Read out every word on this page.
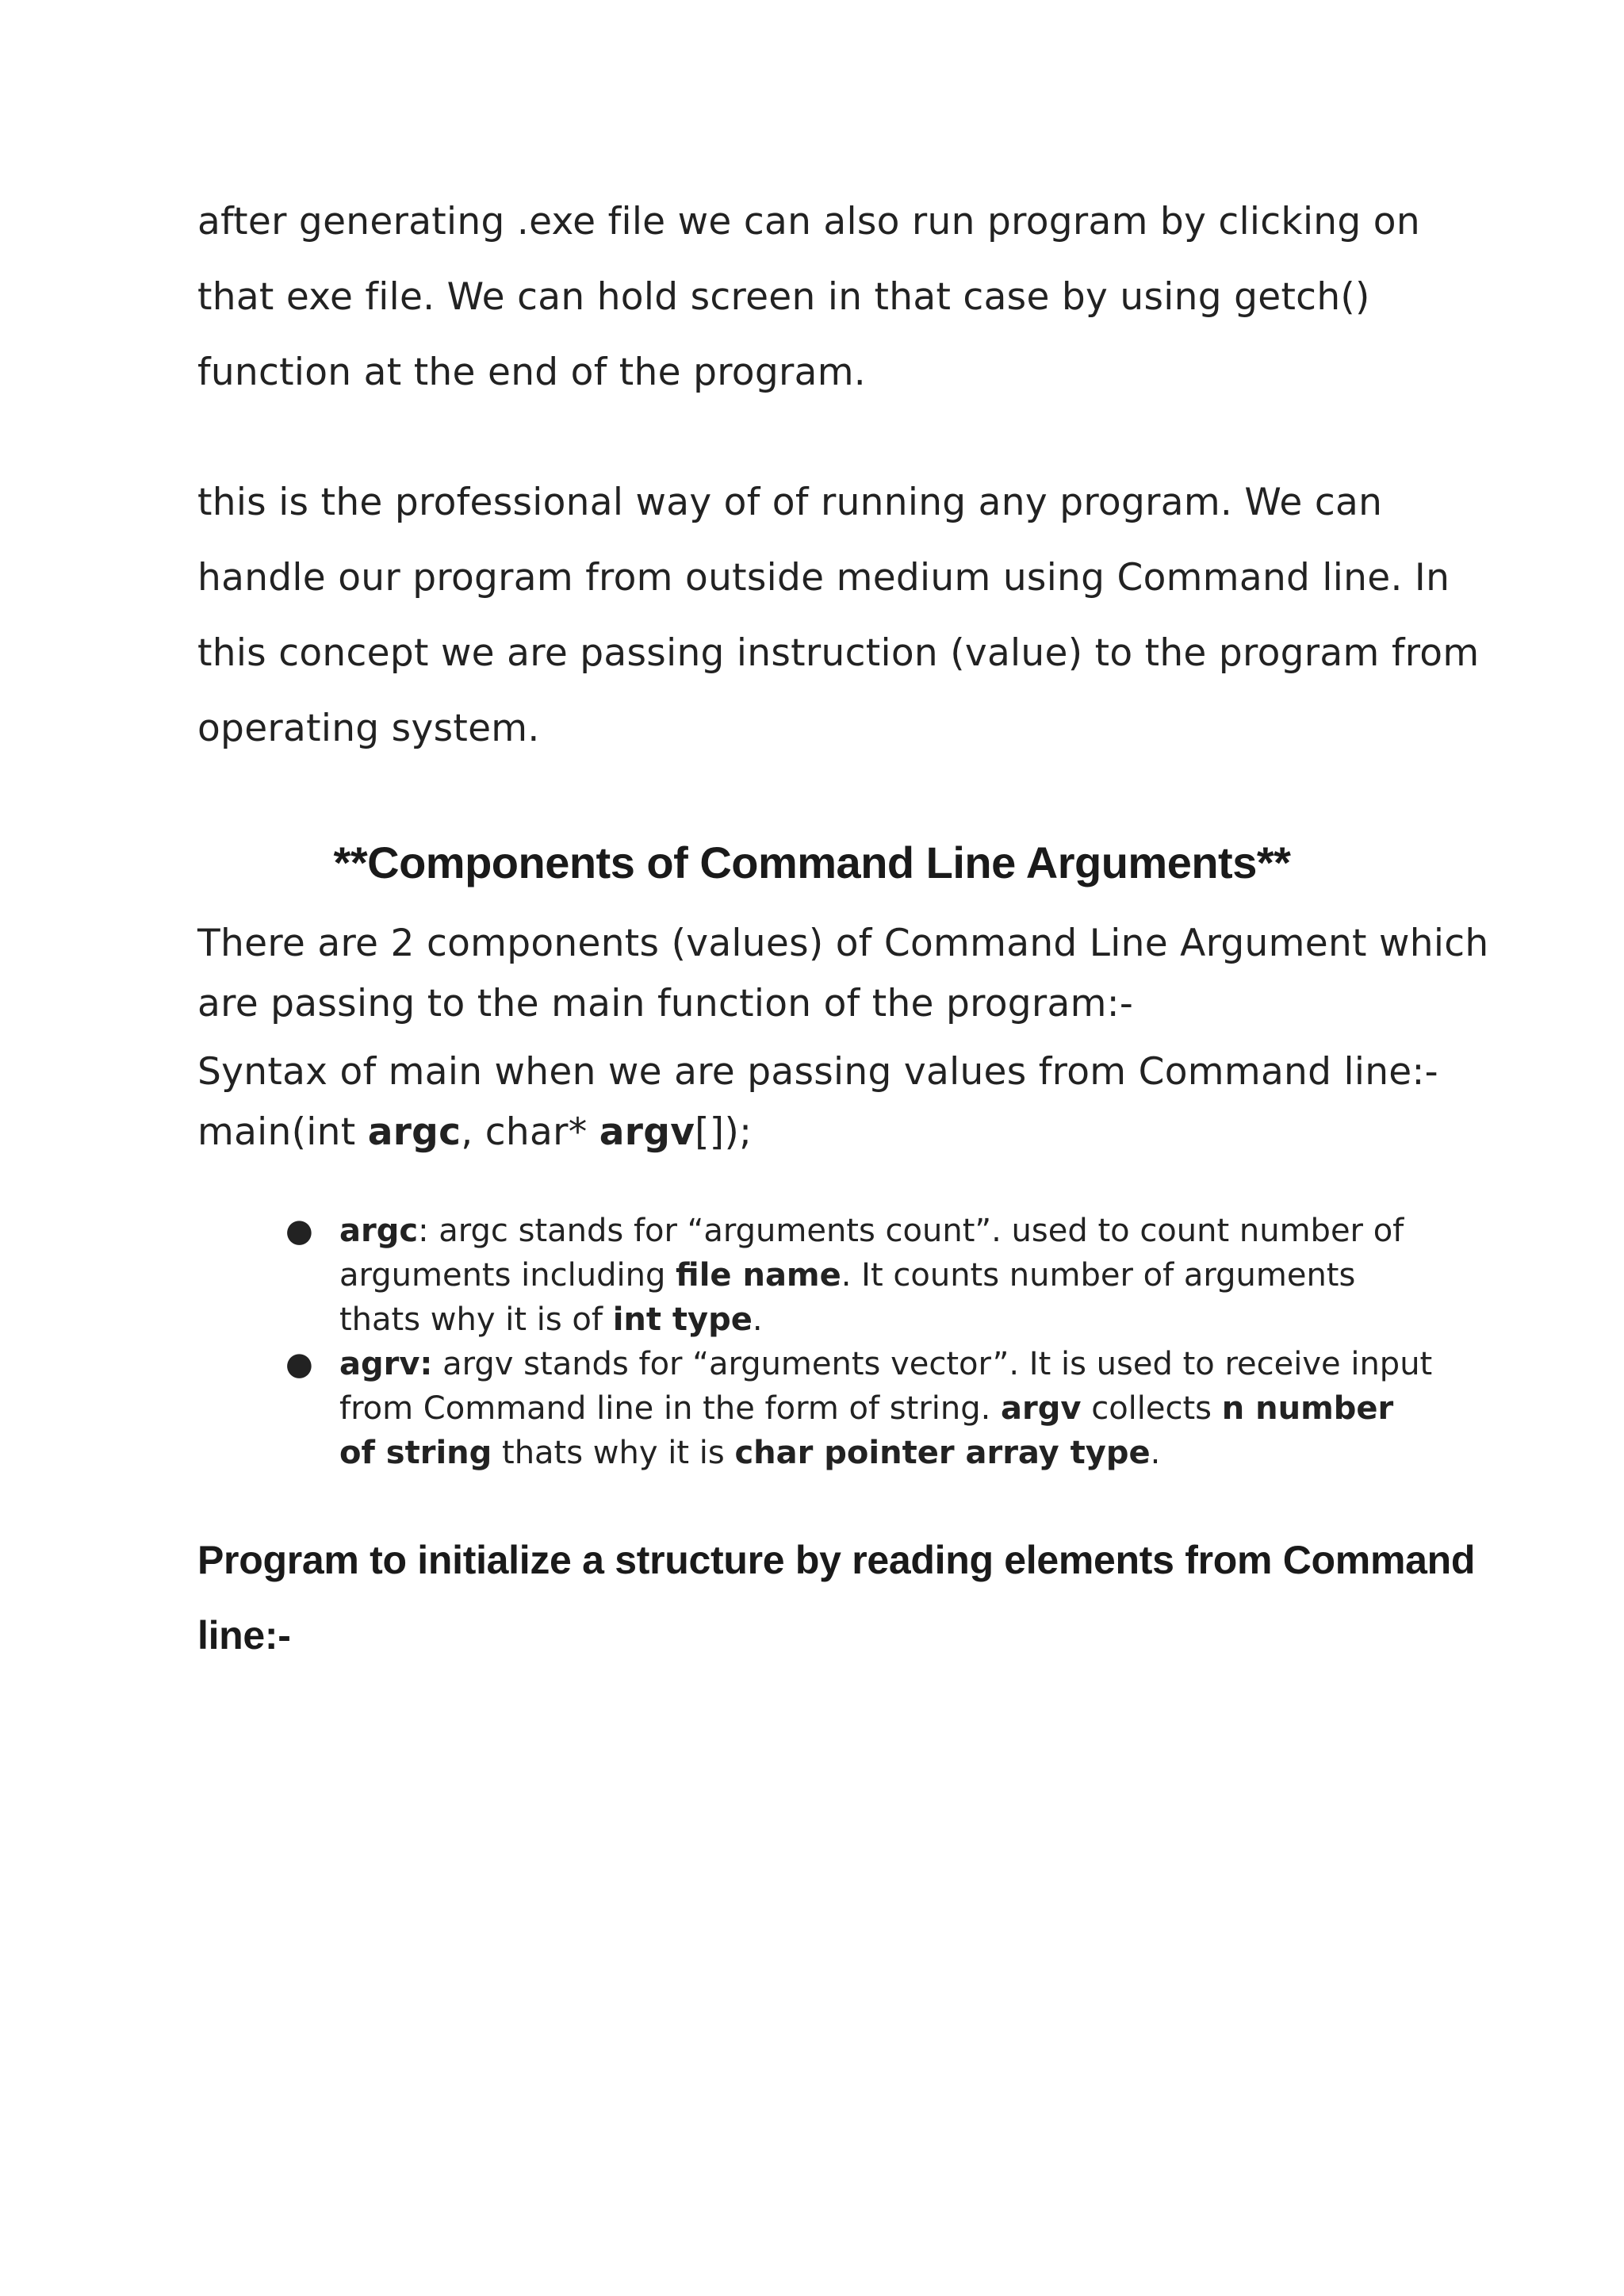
after generating .exe file we can also run program by clicking on
that exe file. We can hold screen in that case by using getch()
function at the end of the program.
this is the professional way of of running any program. We can
handle our program from outside medium using Command line. In
this concept we are passing instruction (value) to the program from
operating system.
**Components of Command Line Arguments**
There are 2 components (values) of Command Line Argument which
are passing to the main function of the program:-
Syntax of main when we are passing values from Command line:-
main(int argc, char* argv[]);
● argc: argc stands for “arguments count”. used to count number of
arguments including file name. It counts number of arguments
thats why it is of int type.
● agrv: argv stands for “arguments vector”. It is used to receive input
from Command line in the form of string. argv collects n number
of string thats why it is char pointer array type.
Program to initialize a structure by reading elements from Command
line:-
